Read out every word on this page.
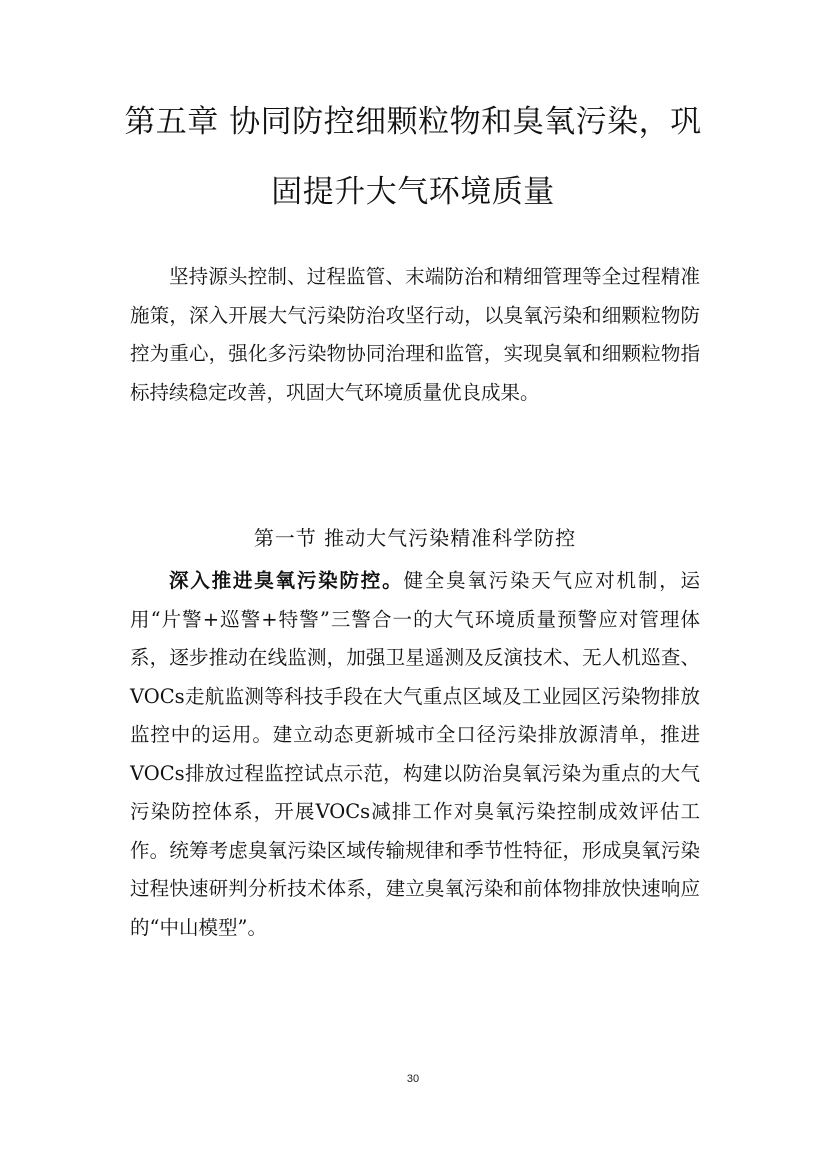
第五章 协同防控细颗粒物和臭氧污染，巩
固提升大气环境质量

坚持源头控制、过程监管、末端防治和精细管理等全过程精准施策，深入开展大气污染防治攻坚行动，以臭氧污染和细颗粒物防控为重心，强化多污染物协同治理和监管，实现臭氧和细颗粒物指标持续稳定改善，巩固大气环境质量优良成果。

第一节 推动大气污染精准科学防控

深入推进臭氧污染防控。健全臭氧污染天气应对机制，运用“片警+巡警+特警”三警合一的大气环境质量预警应对管理体系，逐步推动在线监测，加强卫星遥测及反演技术、无人机巡查、VOCs走航监测等科技手段在大气重点区域及工业园区污染物排放监控中的运用。建立动态更新城市全口径污染排放源清单，推进VOCs排放过程监控试点示范，构建以防治臭氧污染为重点的大气污染防控体系，开展VOCs减排工作对臭氧污染控制成效评估工作。统筹考虑臭氧污染区域传输规律和季节性特征，形成臭氧污染过程快速研判分析技术体系，建立臭氧污染和前体物排放快速响应的“中山模型”。

30
